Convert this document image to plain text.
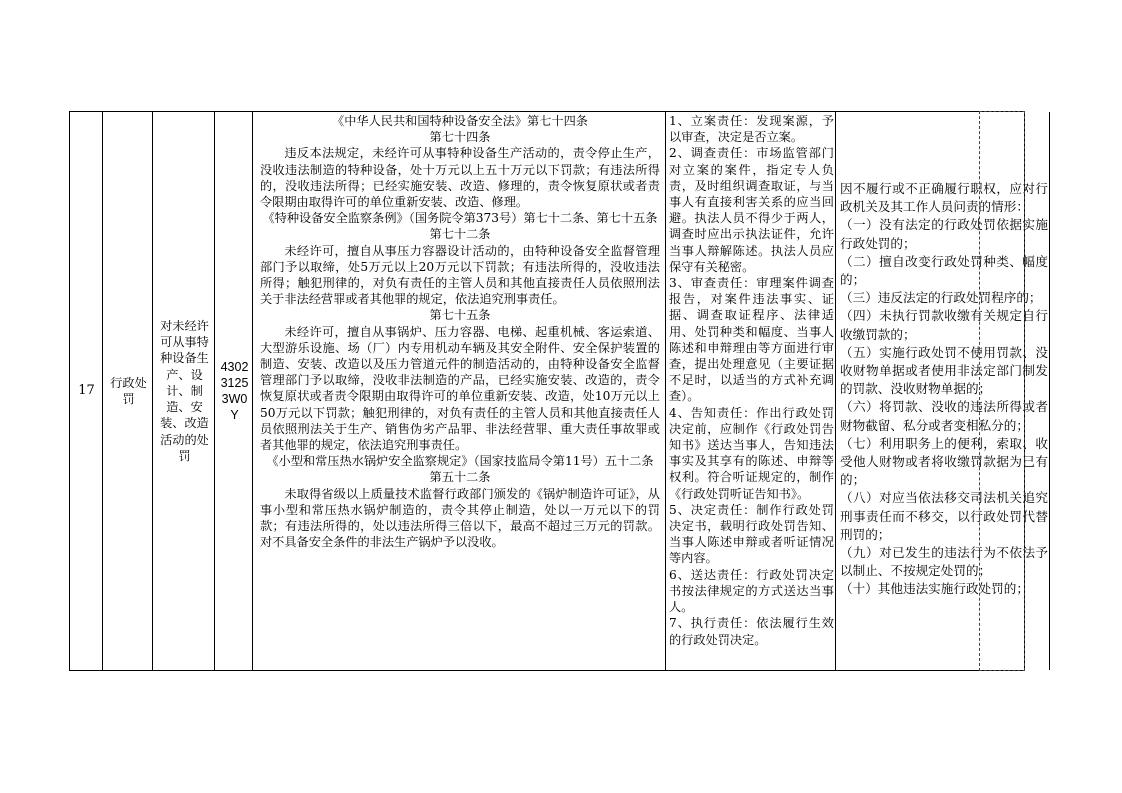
17
行政处罚
对未经许可从事特种设备生产、设计、制造、安装、改造活动的处罚
4302
3125
3W0
Y

《中华人民共和国特种设备安全法》第七十四条

第七十四条

违反本法规定，未经许可从事特种设备生产活动的，责令停止生产，没收违法制造的特种设备，处十万元以上五十万元以下罚款；有违法所得的，没收违法所得；已经实施安装、改造、修理的，责令恢复原状或者责令限期由取得许可的单位重新安装、改造、修理。

《特种设备安全监察条例》（国务院令第373号）第七十二条、第七十五条

第七十二条

未经许可，擅自从事压力容器设计活动的，由特种设备安全监督管理部门予以取缔，处5万元以上20万元以下罚款；有违法所得的，没收违法所得；触犯刑律的，对负有责任的主管人员和其他直接责任人员依照刑法关于非法经营罪或者其他罪的规定，依法追究刑事责任。

第七十五条

未经许可，擅自从事锅炉、压力容器、电梯、起重机械、客运索道、大型游乐设施、场（厂）内专用机动车辆及其安全附件、安全保护装置的制造、安装、改造以及压力管道元件的制造活动的，由特种设备安全监督管理部门予以取缔，没收非法制造的产品，已经实施安装、改造的，责令恢复原状或者责令限期由取得许可的单位重新安装、改造，处10万元以上50万元以下罚款；触犯刑律的，对负有责任的主管人员和其他直接责任人员依照刑法关于生产、销售伪劣产品罪、非法经营罪、重大责任事故罪或者其他罪的规定，依法追究刑事责任。

《小型和常压热水锅炉安全监察规定》（国家技监局令第11号）五十二条

第五十二条

未取得省级以上质量技术监督行政部门颁发的《锅炉制造许可证》，从事小型和常压热水锅炉制造的，责令其停止制造，处以一万元以下的罚款；有违法所得的，处以违法所得三倍以下，最高不超过三万元的罚款。对不具备安全条件的非法生产锅炉予以没收。

1、立案责任：发现案源，予以审查，决定是否立案。

2、调查责任：市场监管部门对立案的案件，指定专人负责，及时组织调查取证，与当事人有直接利害关系的应当回避。执法人员不得少于两人，调查时应出示执法证件，允许当事人辩解陈述。执法人员应保守有关秘密。

3、审查责任：审理案件调查报告，对案件违法事实、证据、调查取证程序、法律适用、处罚种类和幅度、当事人陈述和申辩理由等方面进行审查，提出处理意见（主要证据不足时，以适当的方式补充调查）。

4、告知责任：作出行政处罚决定前，应制作《行政处罚告知书》送达当事人，告知违法事实及其享有的陈述、申辩等权利。符合听证规定的，制作《行政处罚听证告知书》。

5、决定责任：制作行政处罚决定书，载明行政处罚告知、当事人陈述申辩或者听证情况等内容。

6、送达责任：行政处罚决定书按法律规定的方式送达当事人。

7、执行责任：依法履行生效的行政处罚决定。

因不履行或不正确履行职权，应对行政机关及其工作人员问责的情形：

（一）没有法定的行政处罚依据实施行政处罚的；

（二）擅自改变行政处罚种类、幅度的；

（三）违反法定的行政处罚程序的；

（四）未执行罚款收缴有关规定自行收缴罚款的；

（五）实施行政处罚不使用罚款、没收财物单据或者使用非法定部门制发的罚款、没收财物单据的；

（六）将罚款、没收的违法所得或者财物截留、私分或者变相私分的；

（七）利用职务上的便利，索取、收受他人财物或者将收缴罚款据为已有的；

（八）对应当依法移交司法机关追究刑事责任而不移交，以行政处罚代替刑罚的；

（九）对已发生的违法行为不依法予以制止、不按规定处罚的；

（十）其他违法实施行政处罚的；
